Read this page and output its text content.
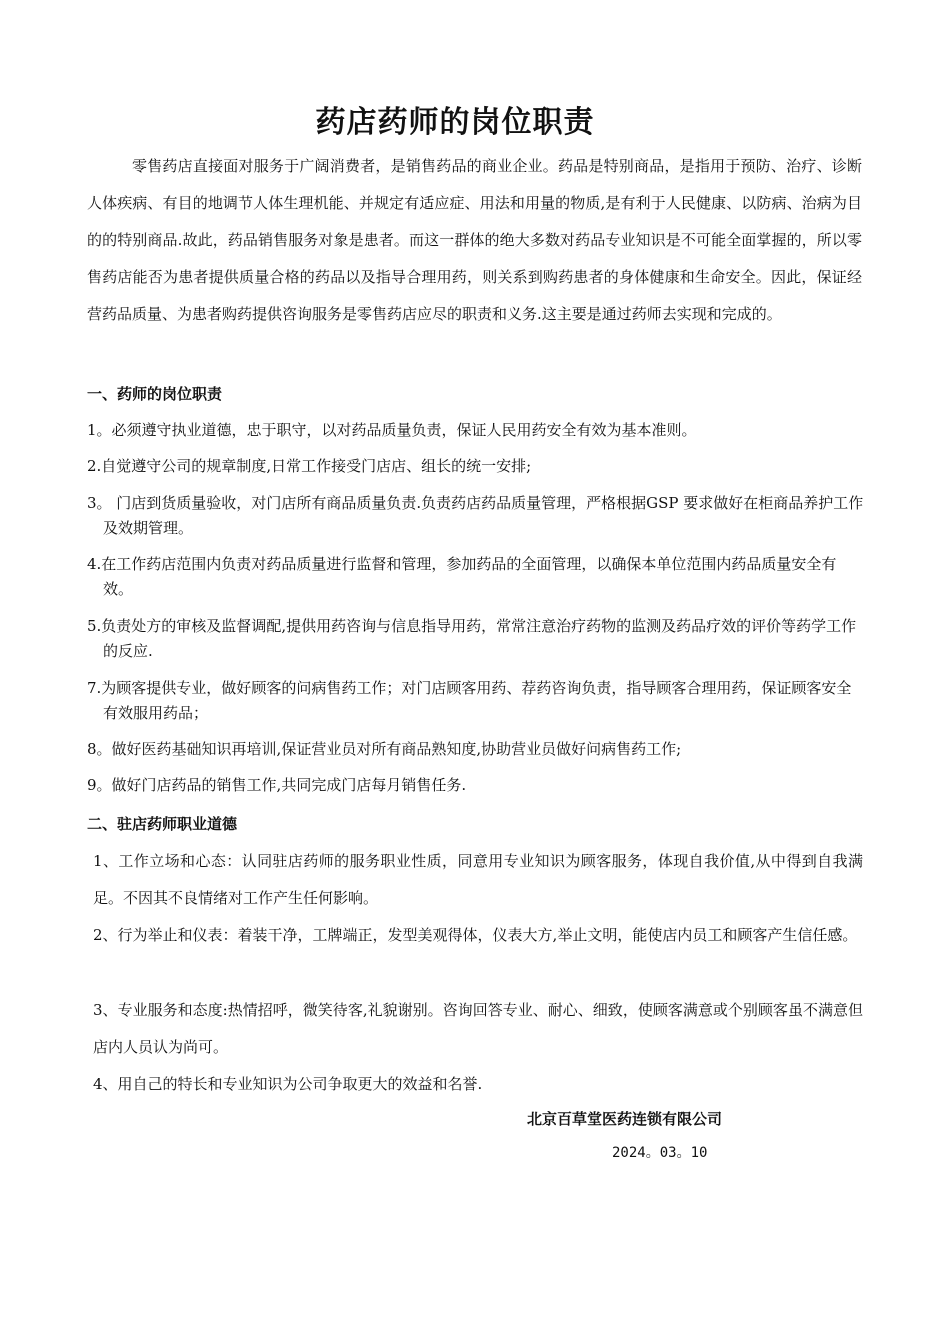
药店药师的岗位职责
零售药店直接面对服务于广阔消费者，是销售药品的商业企业。药品是特别商品，是指用于预防、治疗、诊断人体疾病、有目的地调节人体生理机能、并规定有适应症、用法和用量的物质,是有利于人民健康、以防病、治病为目的的特别商品.故此，药品销售服务对象是患者。而这一群体的绝大多数对药品专业知识是不可能全面掌握的，所以零售药店能否为患者提供质量合格的药品以及指导合理用药，则关系到购药患者的身体健康和生命安全。因此，保证经营药品质量、为患者购药提供咨询服务是零售药店应尽的职责和义务.这主要是通过药师去实现和完成的。
一、药师的岗位职责
1。必须遵守执业道德，忠于职守，以对药品质量负责，保证人民用药安全有效为基本准则。
2.自觉遵守公司的规章制度,日常工作接受门店店、组长的统一安排;
3。 门店到货质量验收，对门店所有商品质量负责.负责药店药品质量管理，严格根据GSP 要求做好在柜商品养护工作及效期管理。
4.在工作药店范围内负责对药品质量进行监督和管理，参加药品的全面管理，以确保本单位范围内药品质量安全有效。
5.负责处方的审核及监督调配,提供用药咨询与信息指导用药，常常注意治疗药物的监测及药品疗效的评价等药学工作的反应.
7.为顾客提供专业，做好顾客的问病售药工作；对门店顾客用药、荐药咨询负责，指导顾客合理用药，保证顾客安全有效服用药品；
8。做好医药基础知识再培训,保证营业员对所有商品熟知度,协助营业员做好问病售药工作;
9。做好门店药品的销售工作,共同完成门店每月销售任务.
二、驻店药师职业道德
1、工作立场和心态：认同驻店药师的服务职业性质，同意用专业知识为顾客服务，体现自我价值,从中得到自我满足。不因其不良情绪对工作产生任何影响。
2、行为举止和仪表：着装干净，工牌端正，发型美观得体，仪表大方,举止文明，能使店内员工和顾客产生信任感。
3、专业服务和态度:热情招呼，微笑待客,礼貌谢别。咨询回答专业、耐心、细致，使顾客满意或个别顾客虽不满意但店内人员认为尚可。
4、用自己的特长和专业知识为公司争取更大的效益和名誉.
北京百草堂医药连锁有限公司
2024。03。10
